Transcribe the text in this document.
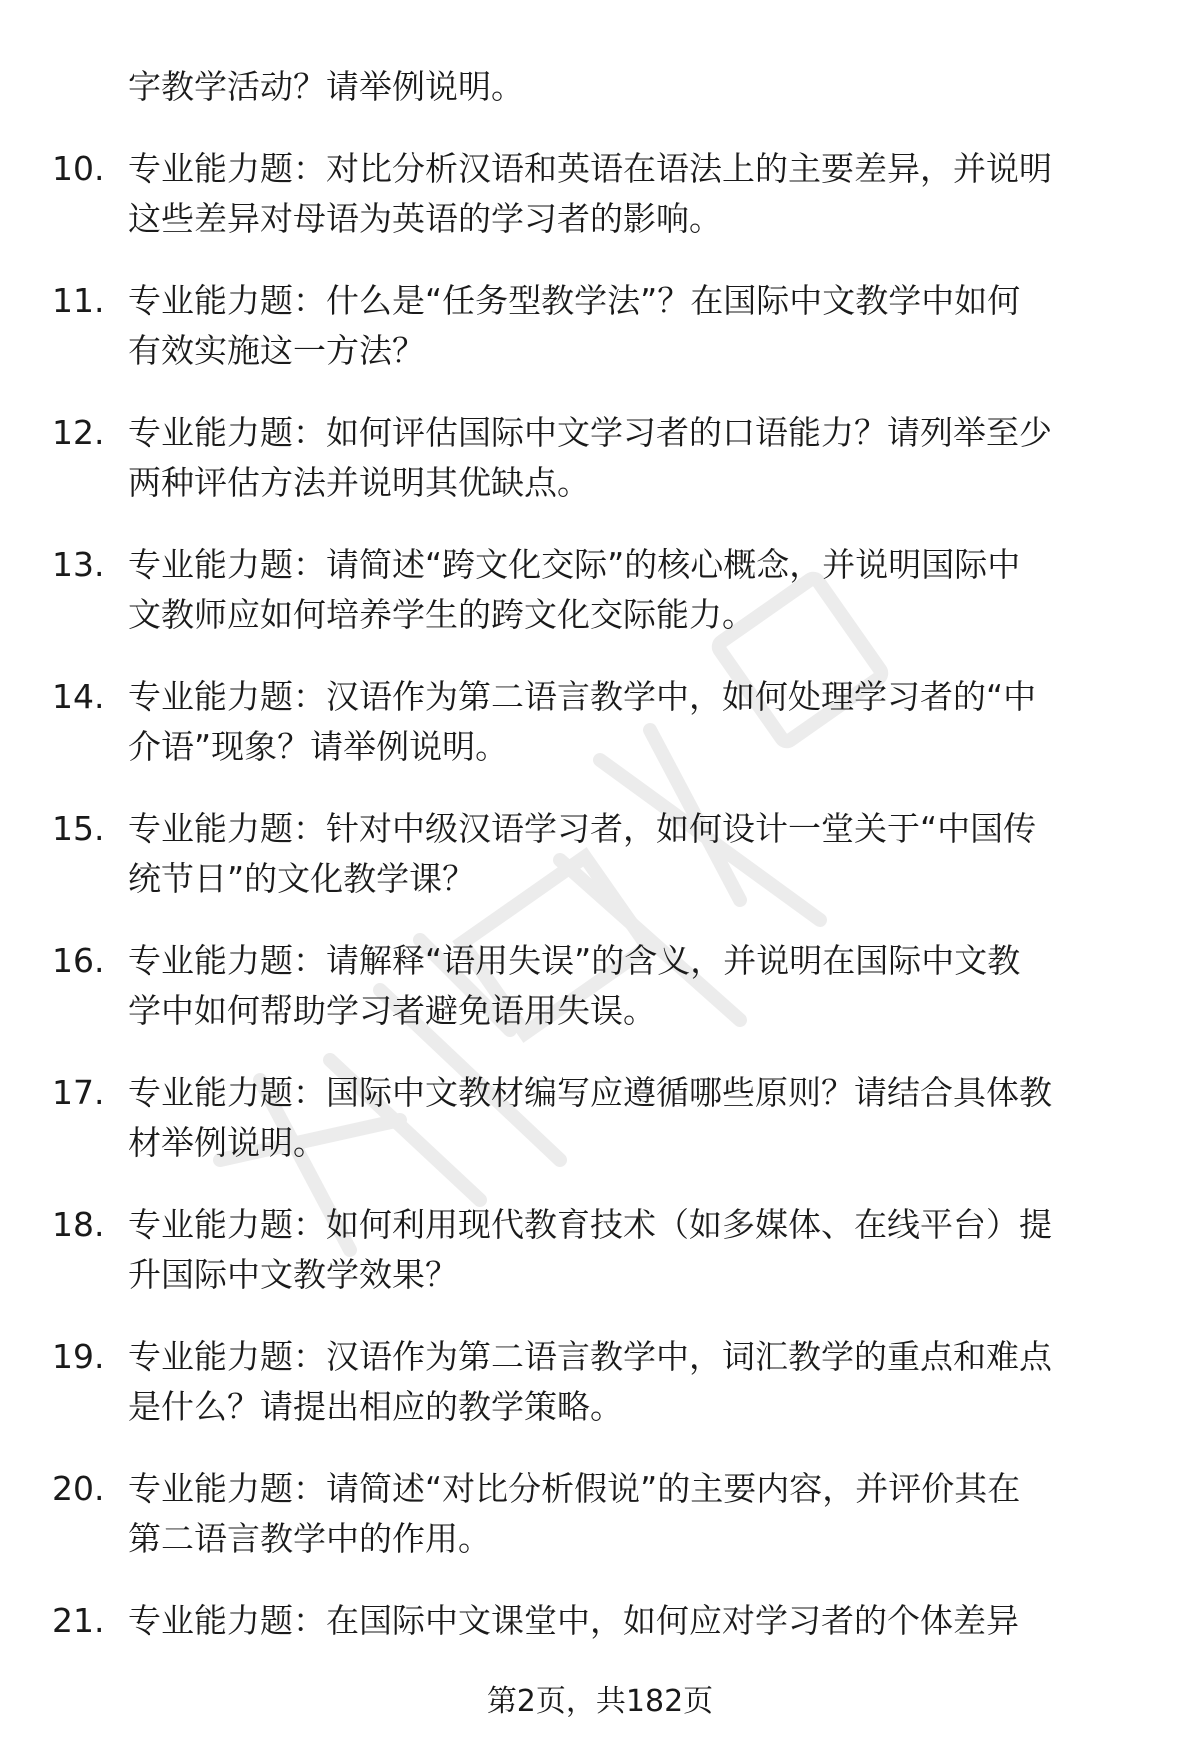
字教学活动？请举例说明。
10. 专业能力题：对比分析汉语和英语在语法上的主要差异，并说明
这些差异对母语为英语的学习者的影响。
11. 专业能力题：什么是“任务型教学法”？在国际中文教学中如何
有效实施这一方法？
12. 专业能力题：如何评估国际中文学习者的口语能力？请列举至少
两种评估方法并说明其优缺点。
13. 专业能力题：请简述“跨文化交际”的核心概念，并说明国际中
文教师应如何培养学生的跨文化交际能力。
14. 专业能力题：汉语作为第二语言教学中，如何处理学习者的“中
介语”现象？请举例说明。
15. 专业能力题：针对中级汉语学习者，如何设计一堂关于“中国传
统节日”的文化教学课？
16. 专业能力题：请解释“语用失误”的含义，并说明在国际中文教
学中如何帮助学习者避免语用失误。
17. 专业能力题：国际中文教材编写应遵循哪些原则？请结合具体教
材举例说明。
18. 专业能力题：如何利用现代教育技术（如多媒体、在线平台）提
升国际中文教学效果？
19. 专业能力题：汉语作为第二语言教学中，词汇教学的重点和难点
是什么？请提出相应的教学策略。
20. 专业能力题：请简述“对比分析假说”的主要内容，并评价其在
第二语言教学中的作用。
21. 专业能力题：在国际中文课堂中，如何应对学习者的个体差异
第2页，共182页
